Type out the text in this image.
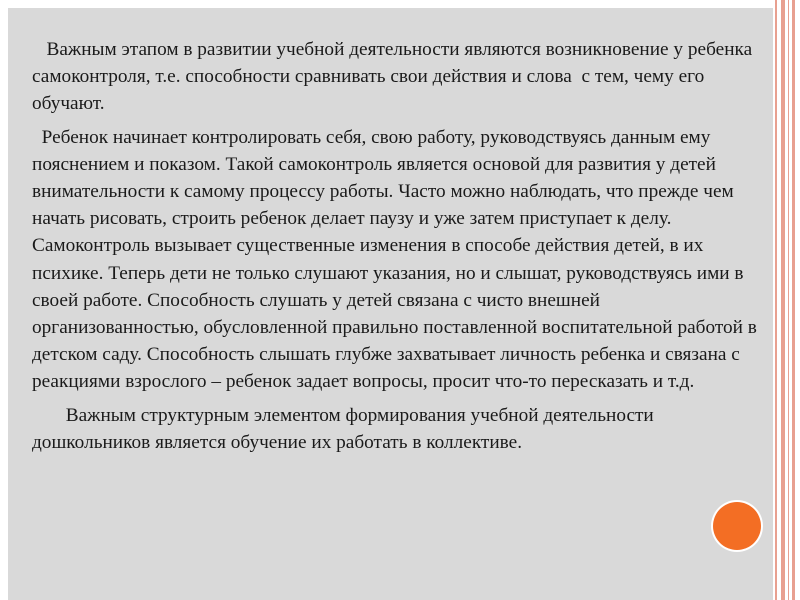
Важным этапом в развитии учебной деятельности являются возникновение у ребенка самоконтроля, т.е. способности сравнивать свои действия и слова  с тем, чему его обучают.

Ребенок начинает контролировать себя, свою работу, руководствуясь данным ему пояснением и показом. Такой самоконтроль является основой для развития у детей внимательности к самому процессу работы. Часто можно наблюдать, что прежде чем начать рисовать, строить ребенок делает паузу и уже затем приступает к делу. Самоконтроль вызывает существенные изменения в способе действия детей, в их психике. Теперь дети не только слушают указания, но и слышат, руководствуясь ими в своей работе. Способность слушать у детей связана с чисто внешней организованностью, обусловленной правильно поставленной воспитательной работой в детском саду. Способность слышать глубже захватывает личность ребенка и связана с реакциями взрослого – ребенок задает вопросы, просит что-то пересказать и т.д.

Важным структурным элементом формирования учебной деятельности дошкольников является обучение их работать в коллективе.
